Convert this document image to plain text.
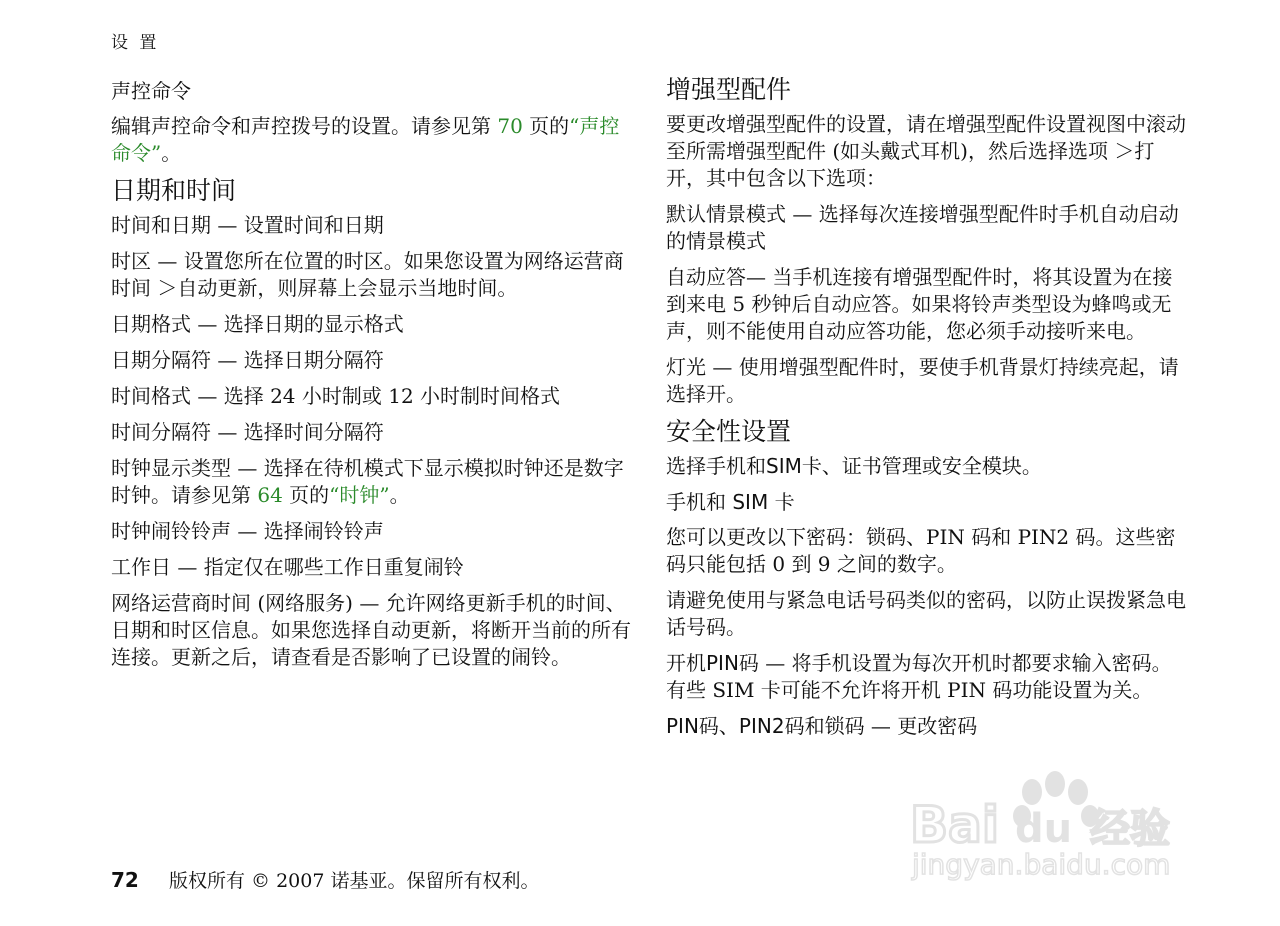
设 置
声控命令

编辑声控命令和声控拨号的设置。请参见第 70 页的“声控命令”。

日期和时间

时间和日期 — 设置时间和日期

时区 — 设置您所在位置的时区。如果您设置为网络运营商时间 ＞自动更新，则屏幕上会显示当地时间。

日期格式 — 选择日期的显示格式

日期分隔符 — 选择日期分隔符

时间格式 — 选择 24 小时制或 12 小时制时间格式

时间分隔符 — 选择时间分隔符

时钟显示类型 — 选择在待机模式下显示模拟时钟还是数字时钟。请参见第 64 页的“时钟”。

时钟闹铃铃声 — 选择闹铃铃声

工作日 — 指定仅在哪些工作日重复闹铃

网络运营商时间 (网络服务) — 允许网络更新手机的时间、日期和时区信息。如果您选择自动更新，将断开当前的所有连接。更新之后，请查看是否影响了已设置的闹铃。

增强型配件

要更改增强型配件的设置，请在增强型配件设置视图中滚动至所需增强型配件 (如头戴式耳机)，然后选择选项 ＞打开，其中包含以下选项：

默认情景模式 — 选择每次连接增强型配件时手机自动启动的情景模式

自动应答— 当手机连接有增强型配件时，将其设置为在接到来电 5 秒钟后自动应答。如果将铃声类型设为蜂鸣或无声，则不能使用自动应答功能，您必须手动接听来电。

灯光 — 使用增强型配件时，要使手机背景灯持续亮起，请选择开。

安全性设置

选择手机和SIM卡、证书管理或安全模块。

手机和 SIM 卡

您可以更改以下密码：锁码、PIN 码和 PIN2 码。这些密码只能包括 0 到 9 之间的数字。

请避免使用与紧急电话号码类似的密码，以防止误拨紧急电话号码。

开机PIN码 — 将手机设置为每次开机时都要求输入密码。有些 SIM 卡可能不允许将开机 PIN 码功能设置为关。

PIN码、PIN2码和锁码 — 更改密码

72	版权所有 © 2007 诺基亚。保留所有权利。
Bai du 经验
jingyan.baidu.com
